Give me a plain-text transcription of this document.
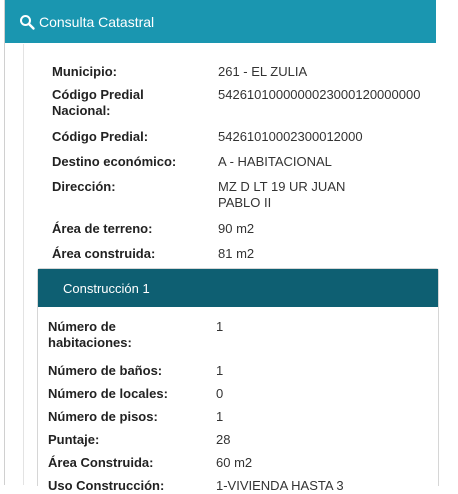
Consulta Catastral
Municipio:	261 - EL ZULIA
Código Predial Nacional:
5426101000000023000120000000
Código Predial:	54261010002300012000
Destino económico:	A - HABITACIONAL
Dirección:	MZ D LT 19 UR JUAN PABLO II
Área de terreno:	90 m2
Área construida:	81 m2
Construcción 1
Número de habitaciones:
1
Número de baños:	1
Número de locales:	0
Número de pisos:	1
Puntaje:	28
Área Construida:	60 m2
Uso Construcción:	1-VIVIENDA HASTA 3
